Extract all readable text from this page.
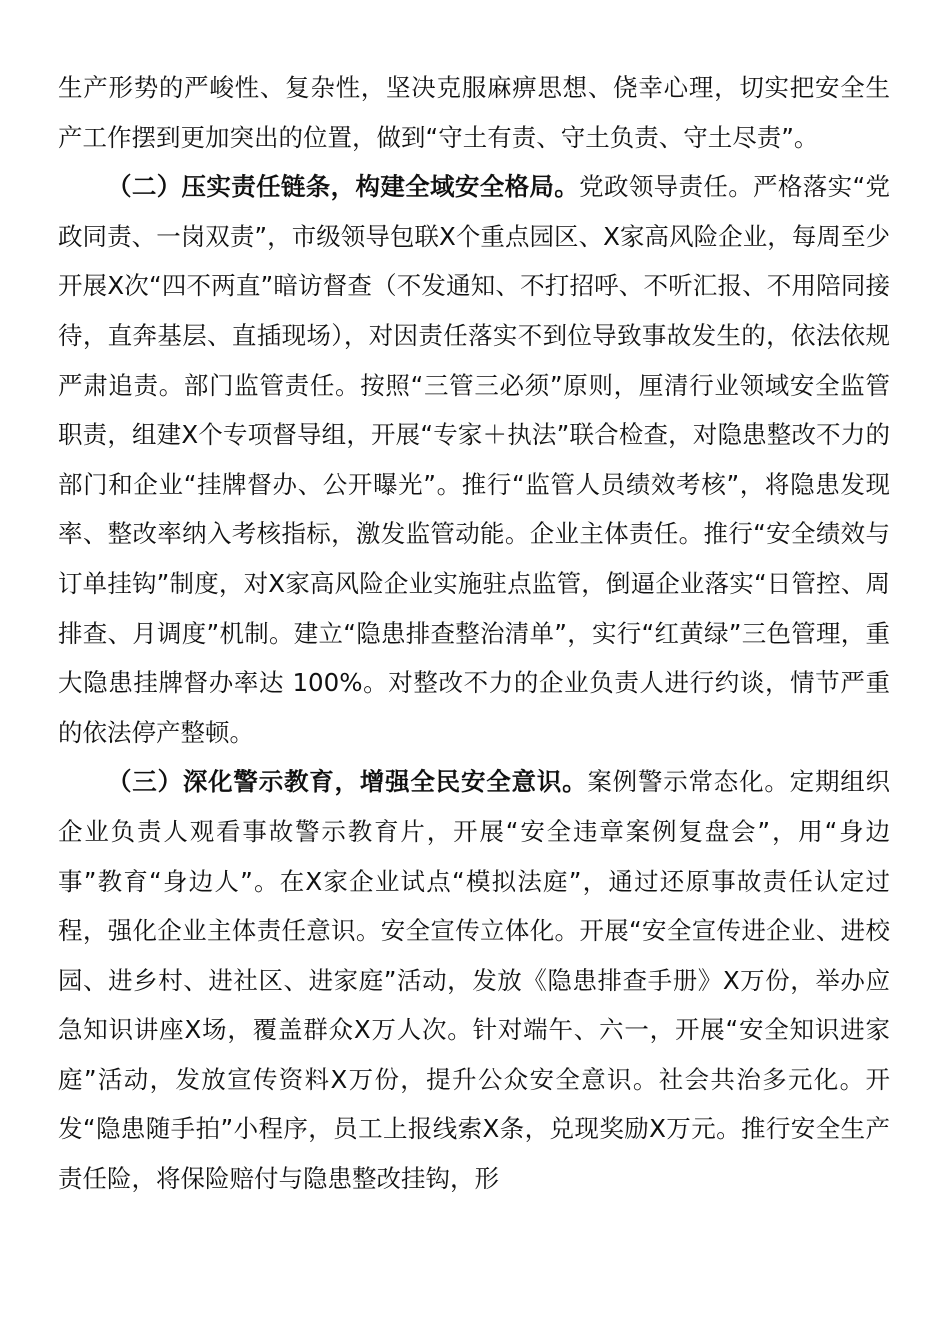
生产形势的严峻性、复杂性，坚决克服麻痹思想、侥幸心理，切实把安全生产工作摆到更加突出的位置，做到“守土有责、守土负责、守土尽责”。

（二）压实责任链条，构建全域安全格局。党政领导责任。严格落实“党政同责、一岗双责”，市级领导包联X个重点园区、X家高风险企业，每周至少开展X次“四不两直”暗访督查（不发通知、不打招呼、不听汇报、不用陪同接待，直奔基层、直插现场），对因责任落实不到位导致事故发生的，依法依规严肃追责。部门监管责任。按照“三管三必须”原则，厘清行业领域安全监管职责，组建X个专项督导组，开展“专家＋执法”联合检查，对隐患整改不力的部门和企业“挂牌督办、公开曝光”。推行“监管人员绩效考核”，将隐患发现率、整改率纳入考核指标，激发监管动能。企业主体责任。推行“安全绩效与订单挂钩”制度，对X家高风险企业实施驻点监管，倒逼企业落实“日管控、周排查、月调度”机制。建立“隐患排查整治清单”，实行“红黄绿”三色管理，重大隐患挂牌督办率达 100%。对整改不力的企业负责人进行约谈，情节严重的依法停产整顿。

（三）深化警示教育，增强全民安全意识。案例警示常态化。定期组织企业负责人观看事故警示教育片，开展“安全违章案例复盘会”，用“身边事”教育“身边人”。在X家企业试点“模拟法庭”，通过还原事故责任认定过程，强化企业主体责任意识。安全宣传立体化。开展“安全宣传进企业、进校园、进乡村、进社区、进家庭”活动，发放《隐患排查手册》X万份，举办应急知识讲座X场，覆盖群众X万人次。针对端午、六一，开展“安全知识进家庭”活动，发放宣传资料X万份，提升公众安全意识。社会共治多元化。开发“隐患随手拍”小程序，员工上报线索X条，兑现奖励X万元。推行安全生产责任险，将保险赔付与隐患整改挂钩，形
